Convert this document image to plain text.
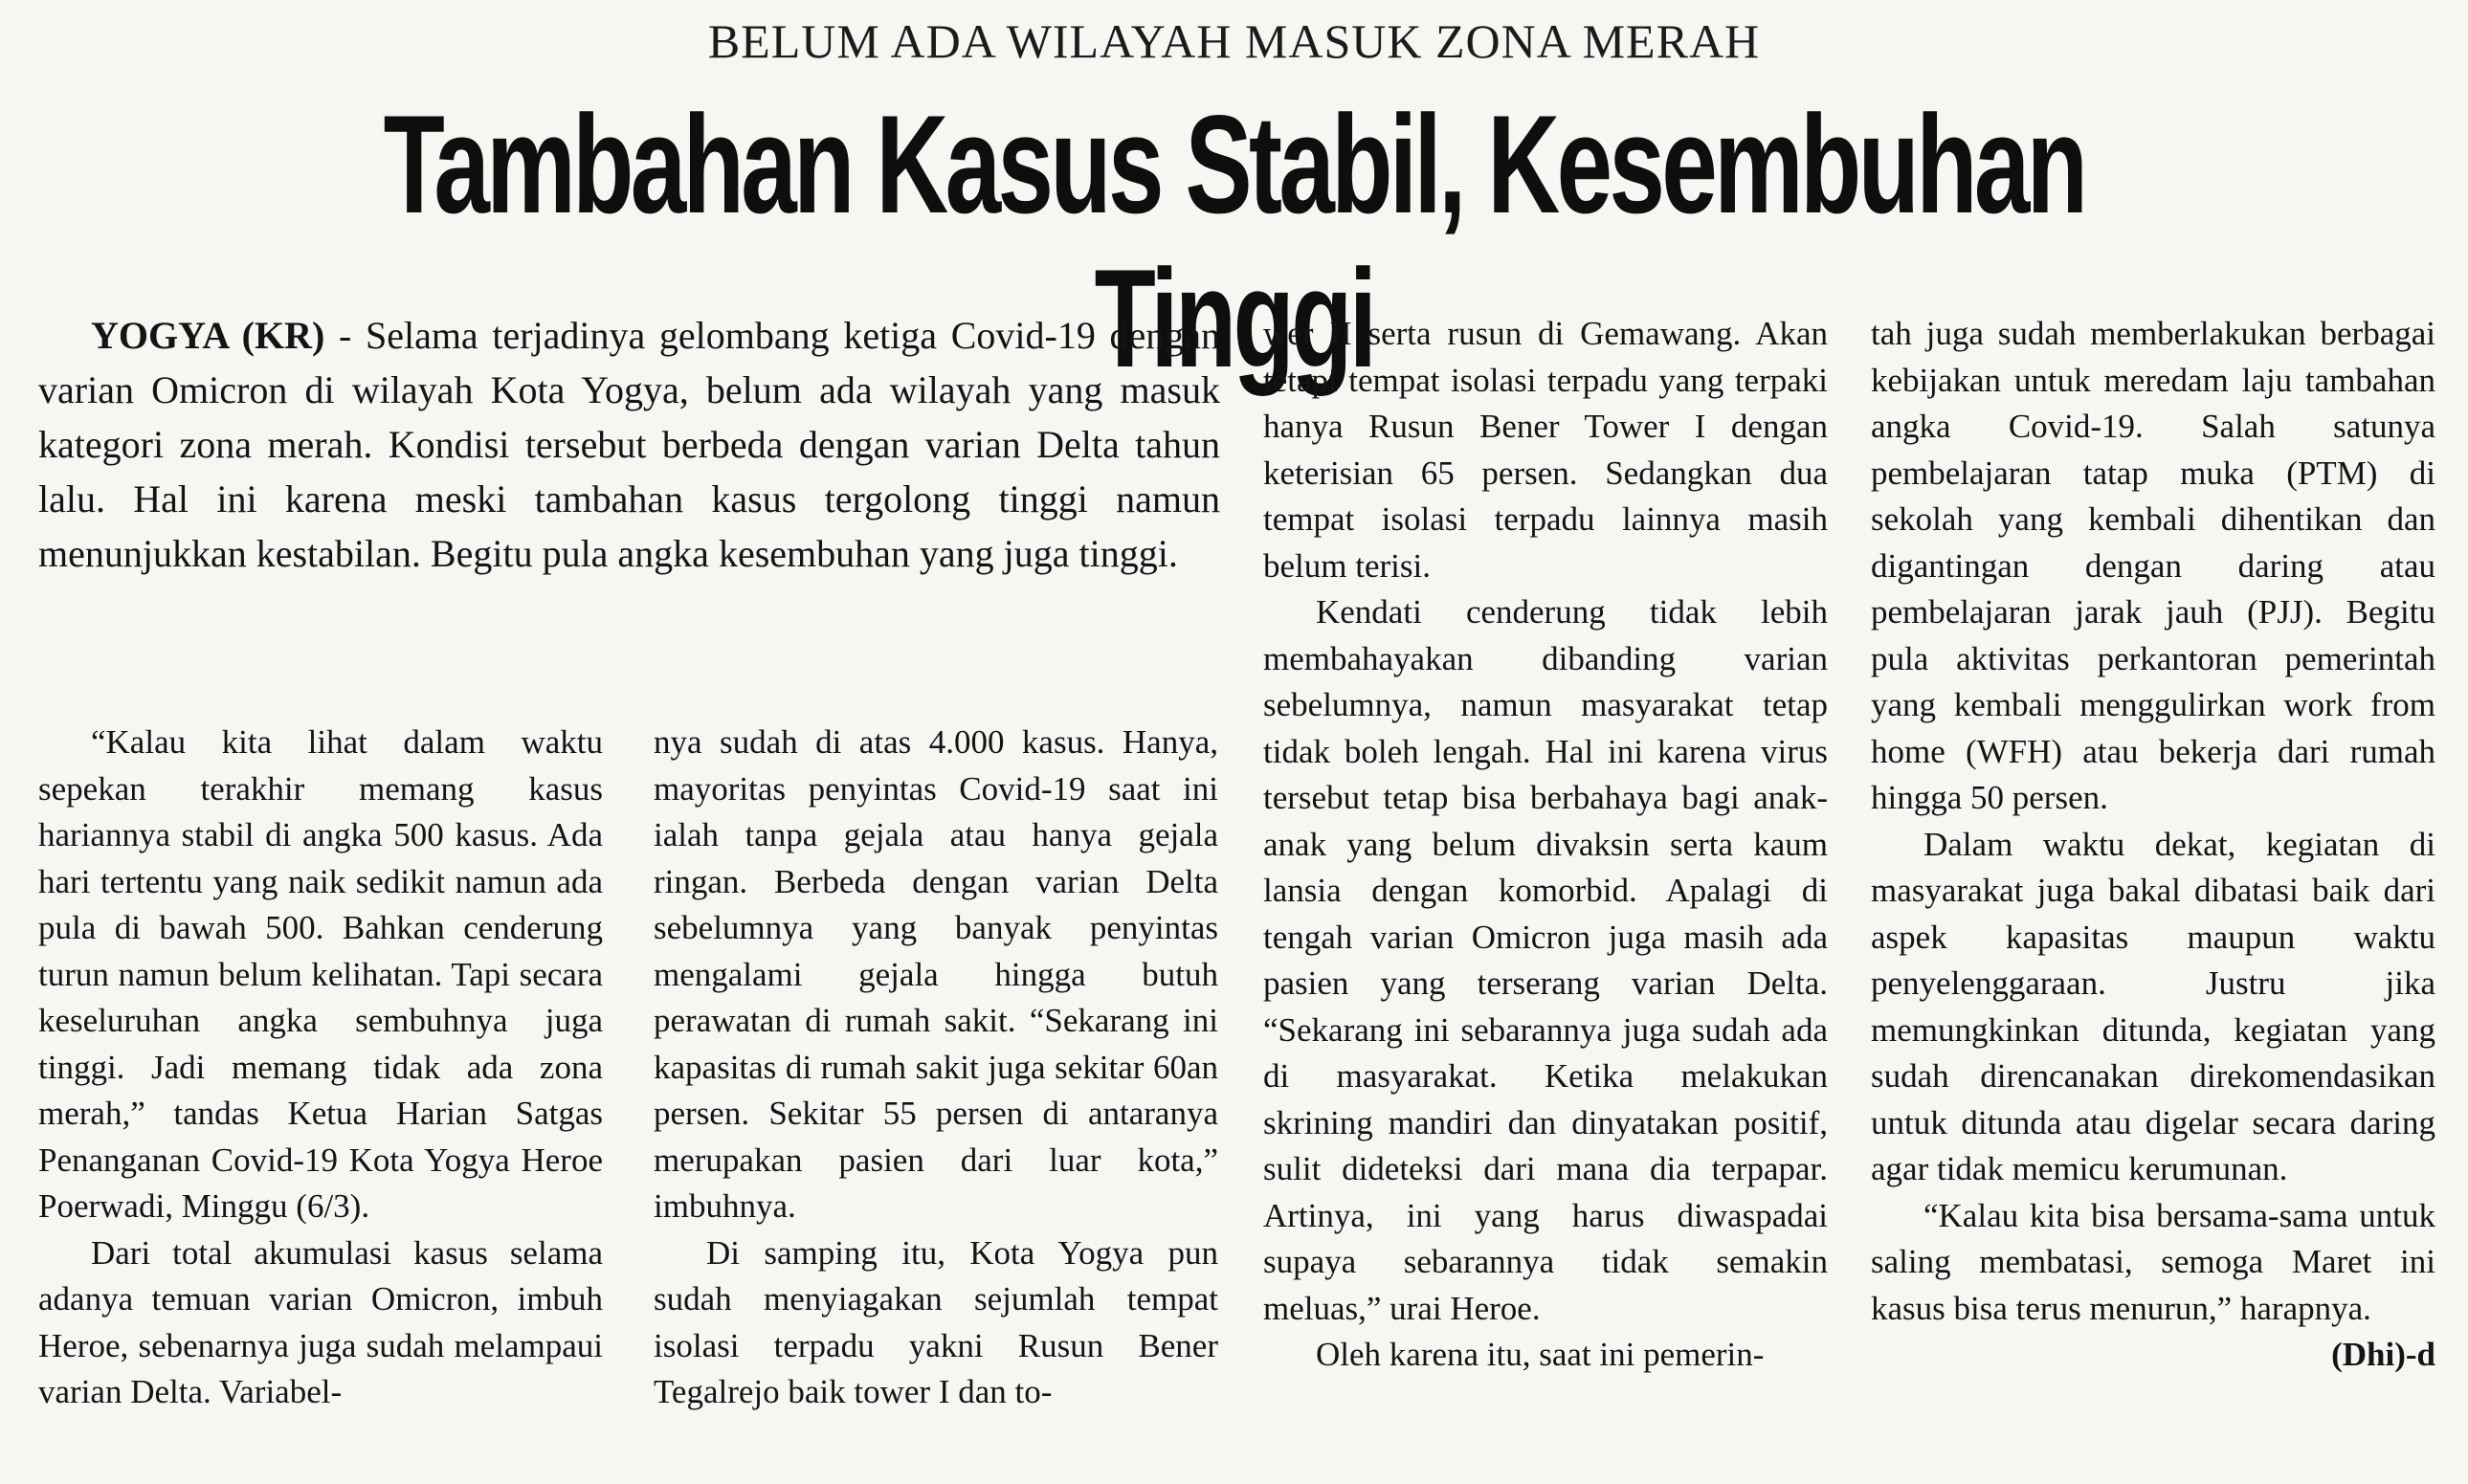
BELUM ADA WILAYAH MASUK ZONA MERAH
Tambahan Kasus Stabil, Kesembuhan Tinggi

YOGYA (KR) - Selama terjadinya gelombang ketiga Covid-19 dengan varian Omicron di wilayah Kota Yogya, belum ada wilayah yang masuk kategori zona merah. Kondisi tersebut berbeda dengan varian Delta tahun lalu. Hal ini karena meski tambahan kasus tergolong tinggi namun menunjukkan kestabilan. Begitu pula angka kesembuhan yang juga tinggi.

“Kalau kita lihat dalam waktu sepekan terakhir memang kasus hariannya stabil di angka 500 kasus. Ada hari tertentu yang naik sedikit namun ada pula di bawah 500. Bahkan cenderung turun namun belum kelihatan. Tapi secara keseluruhan angka sembuhnya juga tinggi. Jadi memang tidak ada zona merah,” tandas Ketua Harian Satgas Penanganan Covid-19 Kota Yogya Heroe Poerwadi, Minggu (6/3).

Dari total akumulasi kasus selama adanya temuan varian Omicron, imbuh Heroe, sebenarnya juga sudah melampaui varian Delta. Variabel-

nya sudah di atas 4.000 kasus. Hanya, mayoritas penyintas Covid-19 saat ini ialah tanpa gejala atau hanya gejala ringan. Berbeda dengan varian Delta sebelumnya yang banyak penyintas mengalami gejala hingga butuh perawatan di rumah sakit. “Sekarang ini kapasitas di rumah sakit juga sekitar 60an persen. Sekitar 55 persen di antaranya merupakan pasien dari luar kota,” imbuhnya.

Di samping itu, Kota Yogya pun sudah menyiagakan sejumlah tempat isolasi terpadu yakni Rusun Bener Tegalrejo baik tower I dan to-

wer II serta rusun di Gemawang. Akan tetapi tempat isolasi terpadu yang terpaki hanya Rusun Bener Tower I dengan keterisian 65 persen. Sedangkan dua tempat isolasi terpadu lainnya masih belum terisi.

Kendati cenderung tidak lebih membahayakan dibanding varian sebelumnya, namun masyarakat tetap tidak boleh lengah. Hal ini karena virus tersebut tetap bisa berbahaya bagi anak-anak yang belum divaksin serta kaum lansia dengan komorbid. Apalagi di tengah varian Omicron juga masih ada pasien yang terserang varian Delta. “Sekarang ini sebarannya juga sudah ada di masyarakat. Ketika melakukan skrining mandiri dan dinyatakan positif, sulit dideteksi dari mana dia terpapar. Artinya, ini yang harus diwaspadai supaya sebarannya tidak semakin meluas,” urai Heroe.

Oleh karena itu, saat ini pemerin-

tah juga sudah memberlakukan berbagai kebijakan untuk meredam laju tambahan angka Covid-19. Salah satunya pembelajaran tatap muka (PTM) di sekolah yang kembali dihentikan dan digantingan dengan daring atau pembelajaran jarak jauh (PJJ). Begitu pula aktivitas perkantoran pemerintah yang kembali menggulirkan work from home (WFH) atau bekerja dari rumah hingga 50 persen.

Dalam waktu dekat, kegiatan di masyarakat juga bakal dibatasi baik dari aspek kapasitas maupun waktu penyelenggaraan. Justru jika memungkinkan ditunda, kegiatan yang sudah direncanakan direkomendasikan untuk ditunda atau digelar secara daring agar tidak memicu kerumunan.

“Kalau kita bisa bersama-sama untuk saling membatasi, semoga Maret ini kasus bisa terus menurun,” harapnya.
(Dhi)-d
